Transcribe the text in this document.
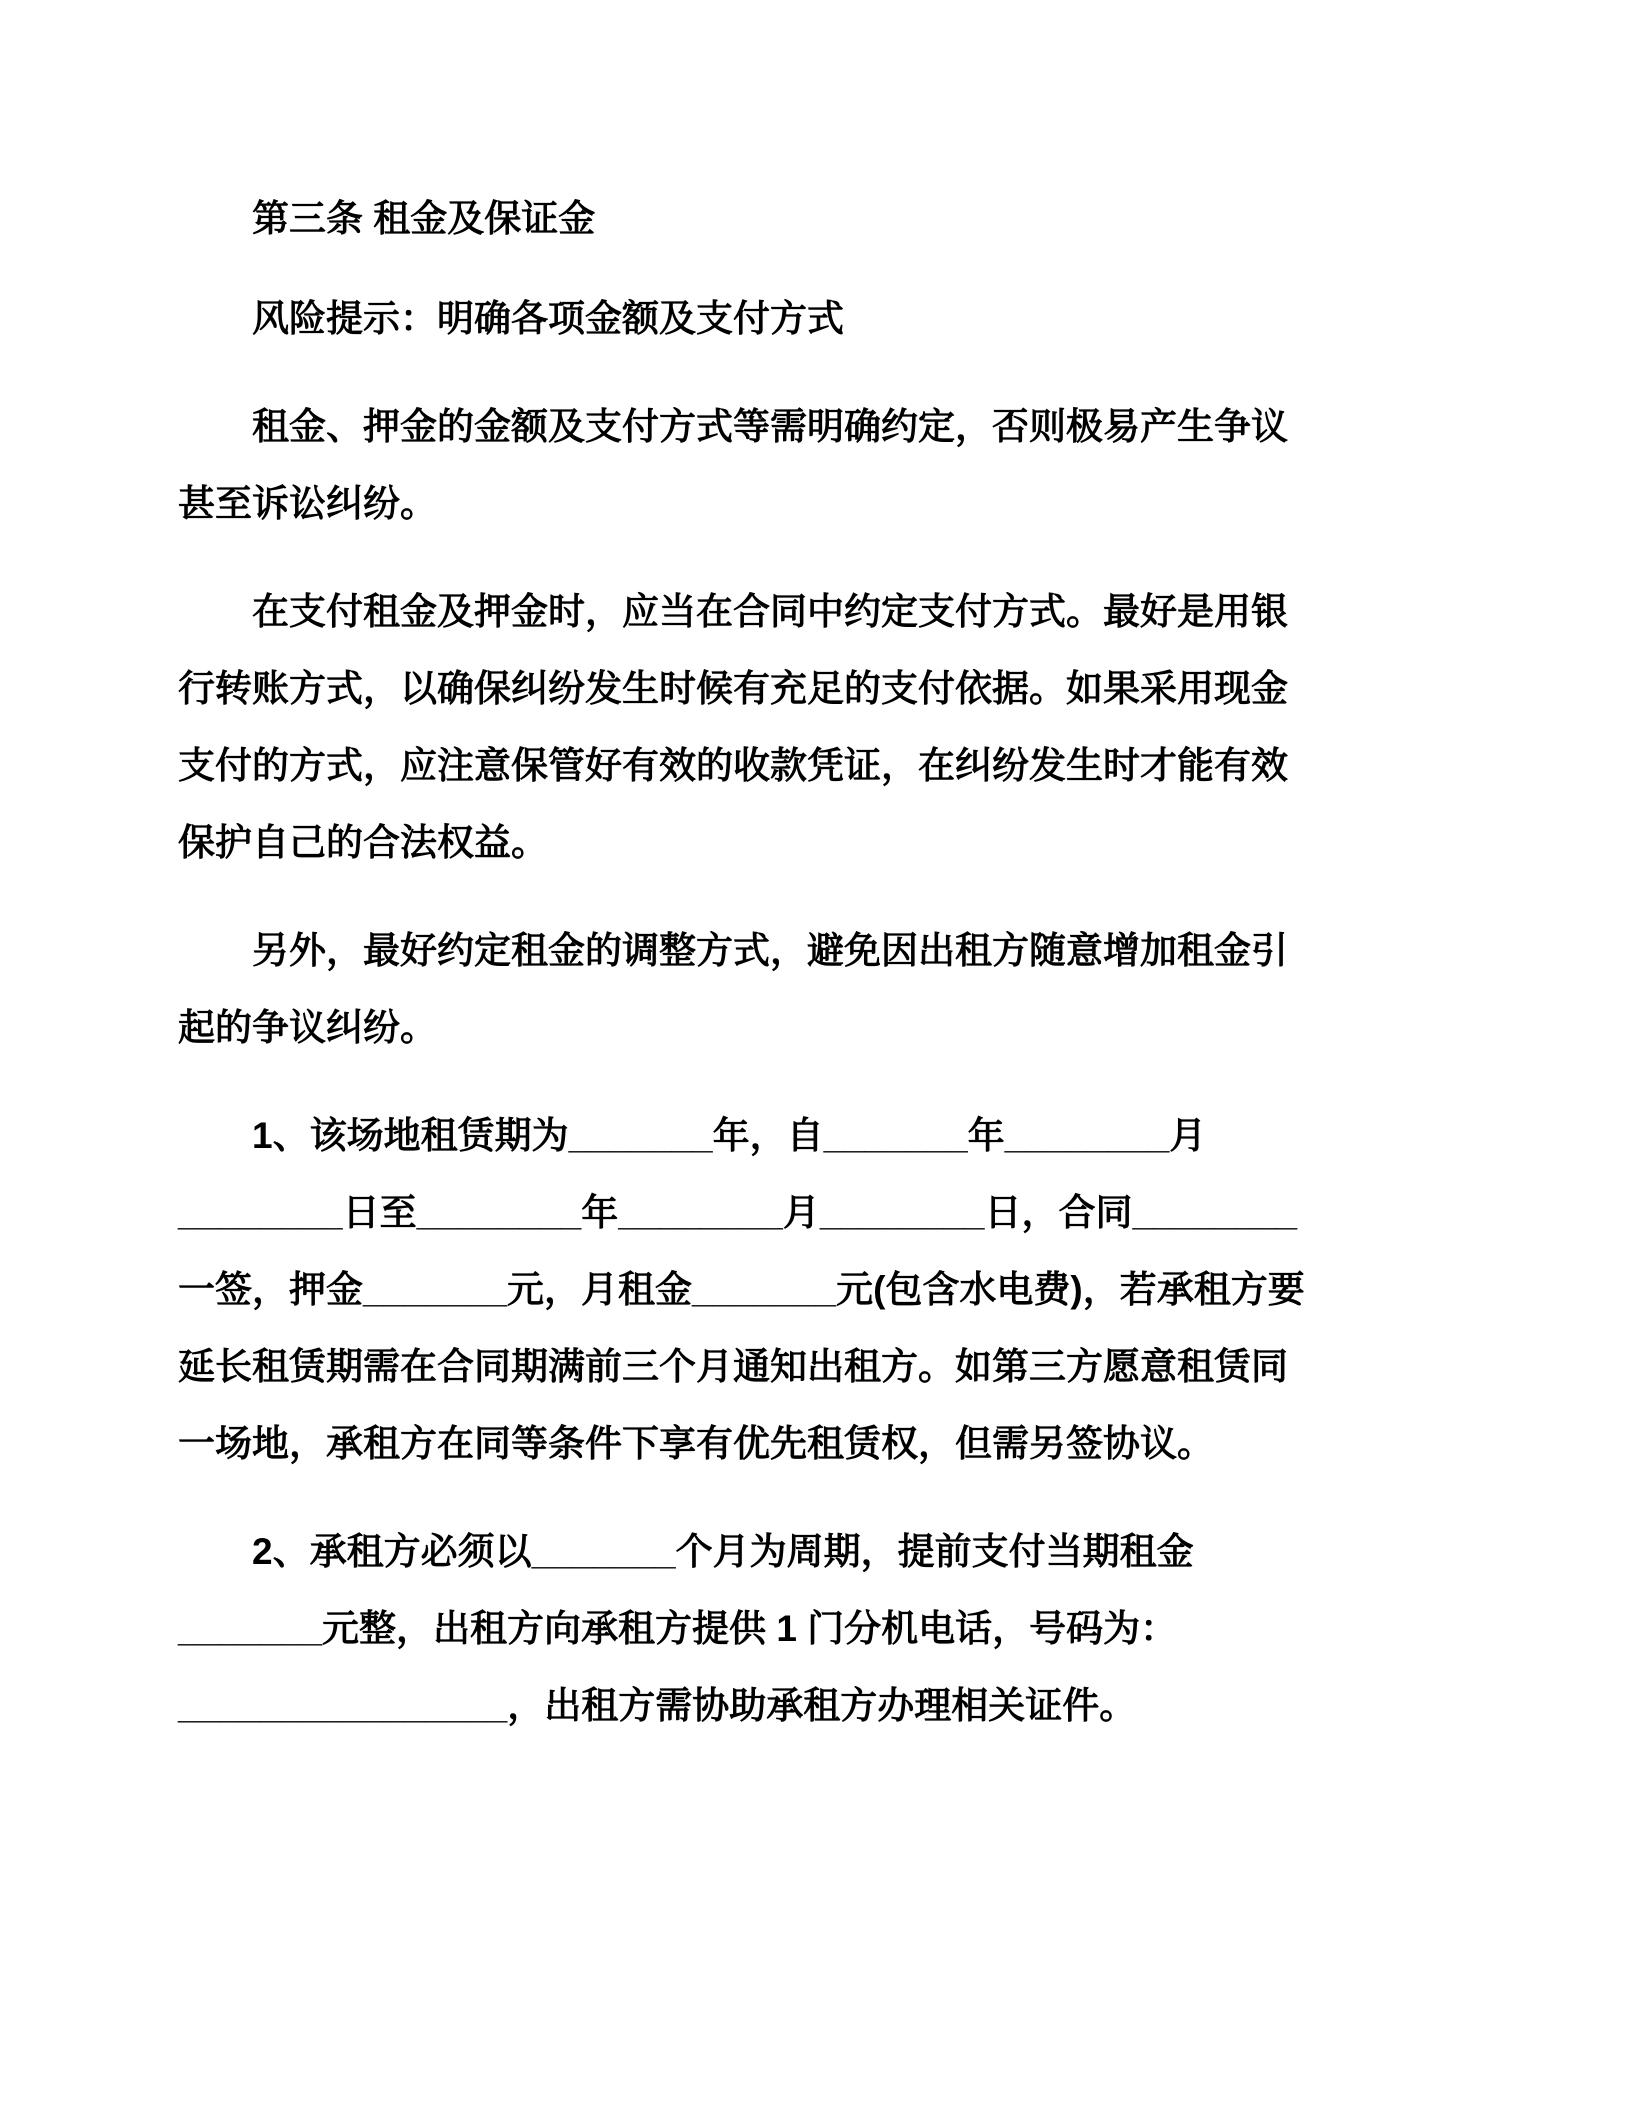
第三条 租金及保证金

风险提示：明确各项金额及支付方式

租金、押金的金额及支付方式等需明确约定，否则极易产生争议
甚至诉讼纠纷。
在支付租金及押金时，应当在合同中约定支付方式。最好是用银
行转账方式，以确保纠纷发生时候有充足的支付依据。如果采用现金
支付的方式，应注意保管好有效的收款凭证，在纠纷发生时才能有效
保护自己的合法权益。
另外，最好约定租金的调整方式，避免因出租方随意增加租金引
起的争议纠纷。
1、该场地租赁期为_______年，自_______年________月
________日至________年________月________日，合同________
一签，押金_______元，月租金_______元(包含水电费)，若承租方要
延长租赁期需在合同期满前三个月通知出租方。如第三方愿意租赁同
一场地，承租方在同等条件下享有优先租赁权，但需另签协议。
2、承租方必须以_______个月为周期，提前支付当期租金
_______元整，出租方向承租方提供 1 门分机电话，号码为：
________________，出租方需协助承租方办理相关证件。
